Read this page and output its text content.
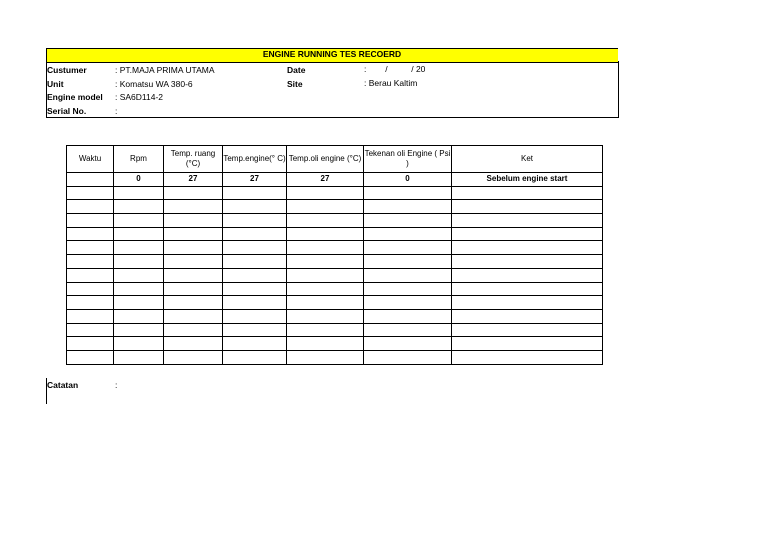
ENGINE RUNNING TES RECOERD
Custumer	: PT.MAJA PRIMA UTAMA
Unit	: Komatsu WA 380-6
Engine model : SA6D114-2
Serial No.	:
Date	:        /          / 20
Site	: Berau Kaltim
Waktu	Rpm	Temp. ruang (°C)	Temp.engine(° C)	Temp.oli engine (°C)	Tekenan oli Engine ( Psi )	Ket
	0	27	27	27	0	Sebelum engine start

Catatan	:
